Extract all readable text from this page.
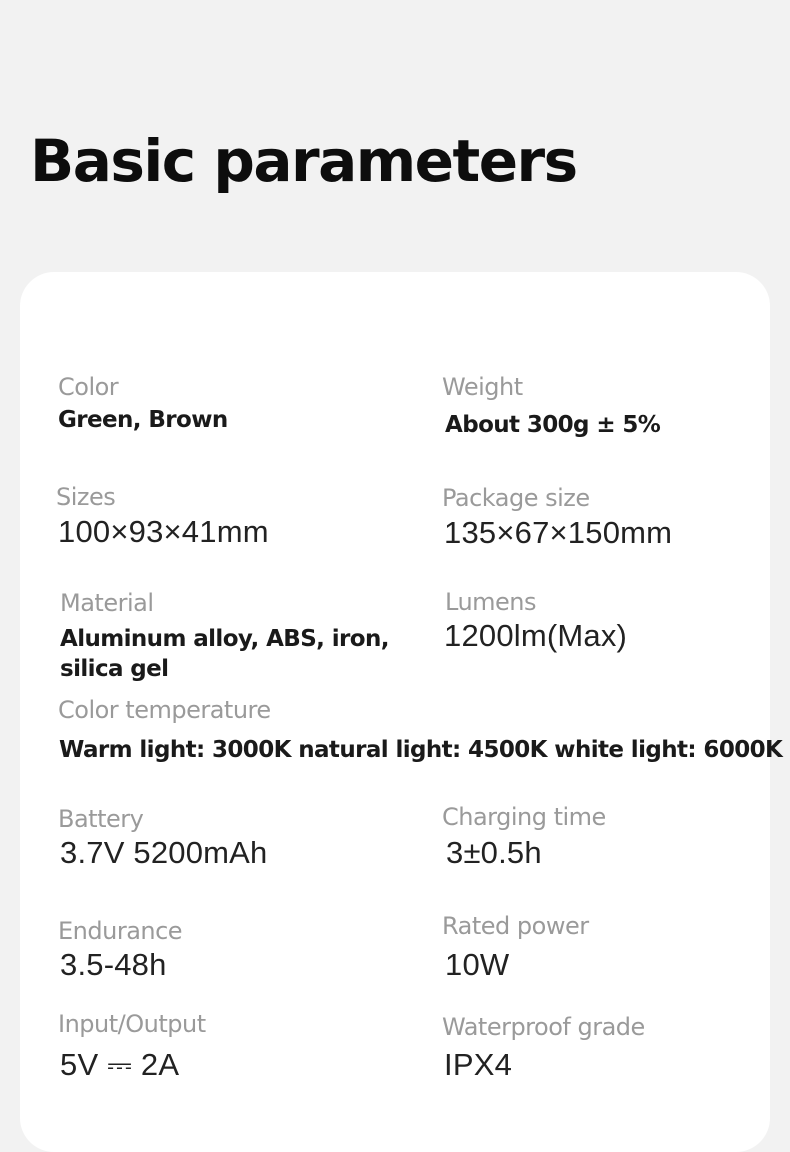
Basic parameters
Color
Green, Brown
Weight
About 300g ± 5%
Sizes
100×93×41mm
Package size
135×67×150mm
Material
Aluminum alloy, ABS, iron, silica gel
Lumens
1200lm(Max)
Color temperature
Warm light: 3000K natural light: 4500K white light: 6000K
Battery
3.7V 5200mAh
Charging time
3±0.5h
Endurance
3.5-48h
Rated power
10W
Input/Output
5V ⎓ 2A
Waterproof grade
IPX4
